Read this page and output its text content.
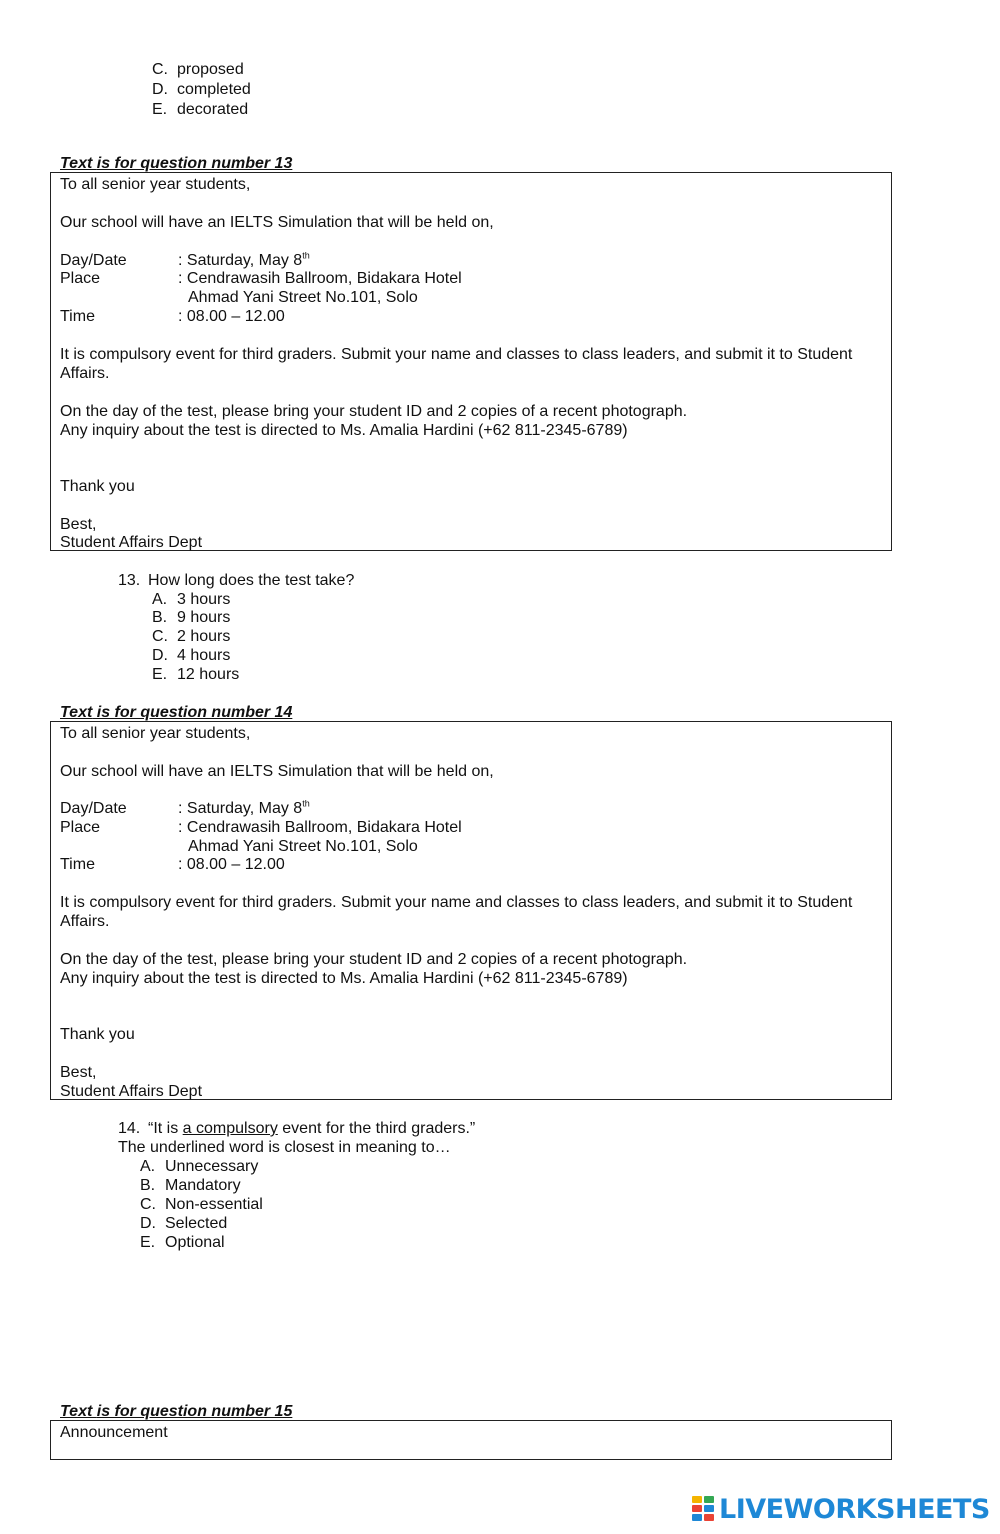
C. proposed
D. completed
E. decorated
Text is for question number 13
To all senior year students,
Our school will have an IELTS Simulation that will be held on,
Day/Date	: Saturday, May 8th
Place	: Cendrawasih Ballroom, Bidakara Hotel
Ahmad Yani Street No.101, Solo
Time	: 08.00 – 12.00
It is compulsory event for third graders. Submit your name and classes to class leaders, and submit it to Student
Affairs.
On the day of the test, please bring your student ID and 2 copies of a recent photograph.
Any inquiry about the test is directed to Ms. Amalia Hardini (+62 811-2345-6789)
Thank you
Best,
Student Affairs Dept
13. How long does the test take?
A. 3 hours
B. 9 hours
C. 2 hours
D. 4 hours
E. 12 hours
Text is for question number 14
To all senior year students,
Our school will have an IELTS Simulation that will be held on,
Day/Date	: Saturday, May 8th
Place	: Cendrawasih Ballroom, Bidakara Hotel
Ahmad Yani Street No.101, Solo
Time	: 08.00 – 12.00
It is compulsory event for third graders. Submit your name and classes to class leaders, and submit it to Student
Affairs.
On the day of the test, please bring your student ID and 2 copies of a recent photograph.
Any inquiry about the test is directed to Ms. Amalia Hardini (+62 811-2345-6789)
Thank you
Best,
Student Affairs Dept
14. “It is a compulsory event for the third graders.”
The underlined word is closest in meaning to…
A. Unnecessary
B. Mandatory
C. Non-essential
D. Selected
E. Optional
Text is for question number 15
Announcement
LIVEWORKSHEETS
